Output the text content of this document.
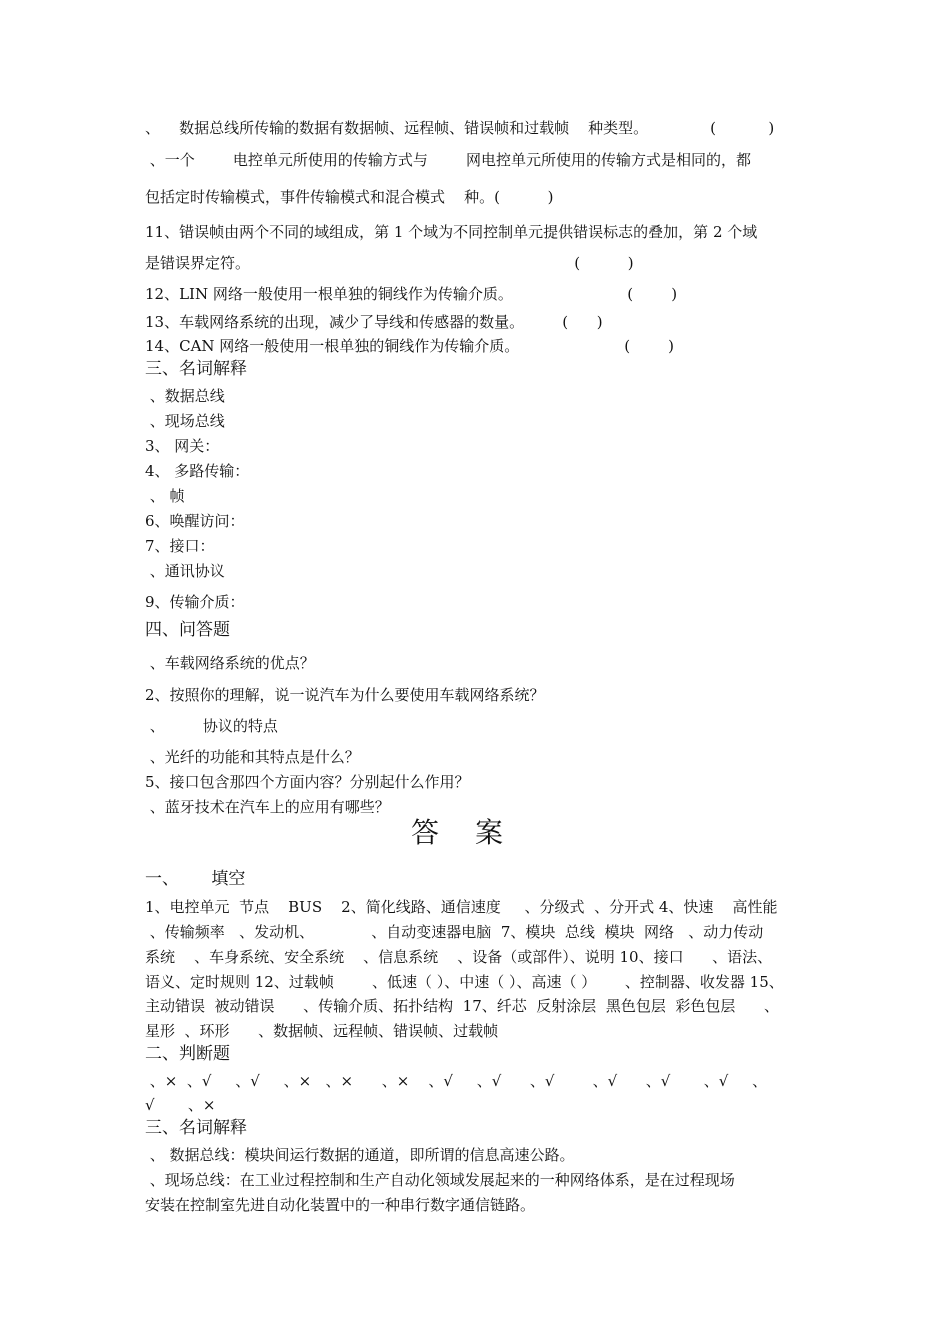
、    数据总线所传输的数据有数据帧、远程帧、错误帧和过载帧    种类型。             (           )

、一个        电控单元所使用的传输方式与        网电控单元所使用的传输方式是相同的，都

包括定时传输模式，事件传输模式和混合模式    种。(          )

11、错误帧由两个不同的域组成，第 1 个域为不同控制单元提供错误标志的叠加，第 2 个域

是错误界定符。                                                                    (          )

12、LIN 网络一般使用一根单独的铜线作为传输介质。                        (        )

13、车载网络系统的出现，减少了导线和传感器的数量。        (      )

14、CAN 网络一般使用一根单独的铜线作为传输介质。                      (        )

三、名词解释

、数据总线

、现场总线

3、 网关：

4、 多路传输：

、 帧

6、唤醒访问：

7、接口：

、通讯协议

9、传输介质：

四、问答题

、车载网络系统的优点？

2、按照你的理解，说一说汽车为什么要使用车载网络系统？

、        协议的特点

、光纤的功能和其特点是什么？

5、接口包含那四个方面内容？分别起什么作用？

、蓝牙技术在汽车上的应用有哪些？

答案

一、      填空

1、电控单元  节点    BUS    2、简化线路、通信速度     、分级式  、分开式 4、快速    高性能

、传输频率   、发动机、            、自动变速器电脑  7、模块  总线  模块  网络   、动力传动

系统    、车身系统、安全系统    、信息系统    、设备（或部件）、说明 10、接口      、语法、

语义、定时规则 12、过载帧        、低速（ ）、中速（ ）、高速（ ）      、控制器、收发器 15、

主动错误  被动错误      、传输介质、拓扑结构  17、纤芯  反射涂层  黑色包层  彩色包层      、

星形  、环形      、数据帧、远程帧、错误帧、过载帧

二、判断题

、×  、√     、√     、×   、×      、×    、√     、√      、√        、√      、√       、√     、

√       、×

三、名词解释

、 数据总线：模块间运行数据的通道，即所谓的信息高速公路。

、现场总线：在工业过程控制和生产自动化领域发展起来的一种网络体系，是在过程现场

安装在控制室先进自动化装置中的一种串行数字通信链路。
